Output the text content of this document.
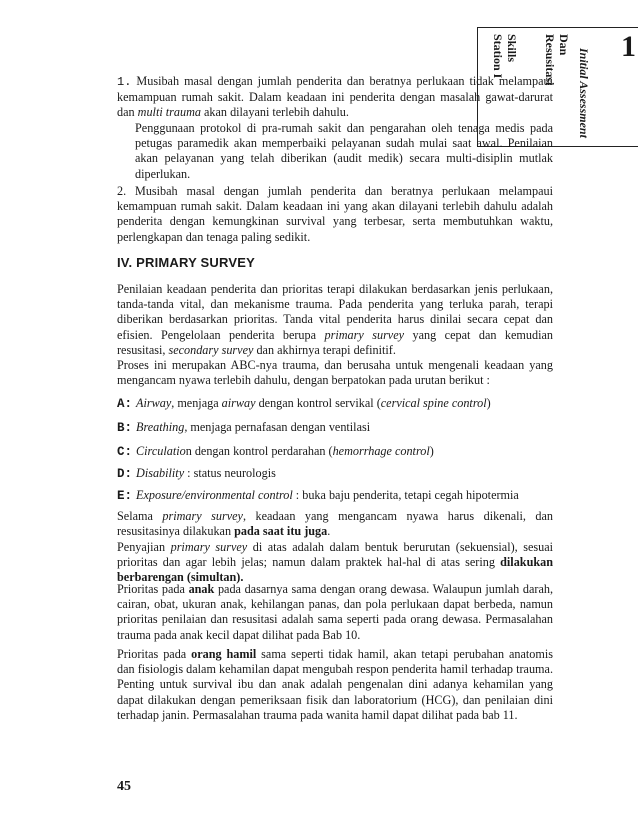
1
Initial Assessment
Dan
Resusitasi
Skills
Station I
1. Musibah masal dengan jumlah penderita dan beratnya perlukaan tidak melampaui kemampuan rumah sakit. Dalam keadaan ini penderita dengan masalah gawat-darurat dan multi trauma akan dilayani terlebih dahulu.
Penggunaan protokol di pra-rumah sakit dan pengarahan oleh tenaga medis pada petugas paramedik akan memperbaiki pelayanan sudah mulai saat awal. Penilaian akan pelayanan yang telah diberikan (audit medik) secara multi-disiplin mutlak diperlukan.
2. Musibah masal dengan jumlah penderita dan beratnya perlukaan melampaui kemampuan rumah sakit. Dalam keadaan ini yang akan dilayani terlebih dahulu adalah penderita dengan kemungkinan survival yang terbesar, serta membutuhkan waktu, perlengkapan dan tenaga paling sedikit.
IV. PRIMARY SURVEY
Penilaian keadaan penderita dan prioritas terapi dilakukan berdasarkan jenis perlukaan, tanda-tanda vital, dan mekanisme trauma. Pada penderita yang terluka parah, terapi diberikan berdasarkan prioritas. Tanda vital penderita harus dinilai secara cepat dan efisien. Pengelolaan penderita berupa primary survey yang cepat dan kemudian resusitasi, secondary survey dan akhirnya terapi definitif.
Proses ini merupakan ABC-nya trauma, dan berusaha untuk mengenali keadaan yang mengancam nyawa terlebih dahulu, dengan berpatokan pada urutan berikut :
A: Airway, menjaga airway dengan kontrol servikal (cervical spine control)
B: Breathing, menjaga pernafasan dengan ventilasi
C: Circulation dengan kontrol perdarahan (hemorrhage control)
D: Disability : status neurologis
E: Exposure/environmental control : buka baju penderita, tetapi cegah hipotermia
Selama primary survey, keadaan yang mengancam nyawa harus dikenali, dan resusitasinya dilakukan pada saat itu juga.
Penyajian primary survey di atas adalah dalam bentuk berurutan (sekuensial), sesuai prioritas dan agar lebih jelas; namun dalam praktek hal-hal di atas sering dilakukan berbarengan (simultan).
Prioritas pada anak pada dasarnya sama dengan orang dewasa. Walaupun jumlah darah, cairan, obat, ukuran anak, kehilangan panas, dan pola perlukaan dapat berbeda, namun prioritas penilaian dan resusitasi adalah sama seperti pada orang dewasa. Permasalahan trauma pada anak kecil dapat dilihat pada Bab 10.
Prioritas pada orang hamil sama seperti tidak hamil, akan tetapi perubahan anatomis dan fisiologis dalam kehamilan dapat mengubah respon penderita hamil terhadap trauma. Penting untuk survival ibu dan anak adalah pengenalan dini adanya kehamilan yang dapat dilakukan dengan pemeriksaan fisik dan laboratorium (HCG), dan penilaian dini terhadap janin. Permasalahan trauma pada wanita hamil dapat dilihat pada bab 11.
45
